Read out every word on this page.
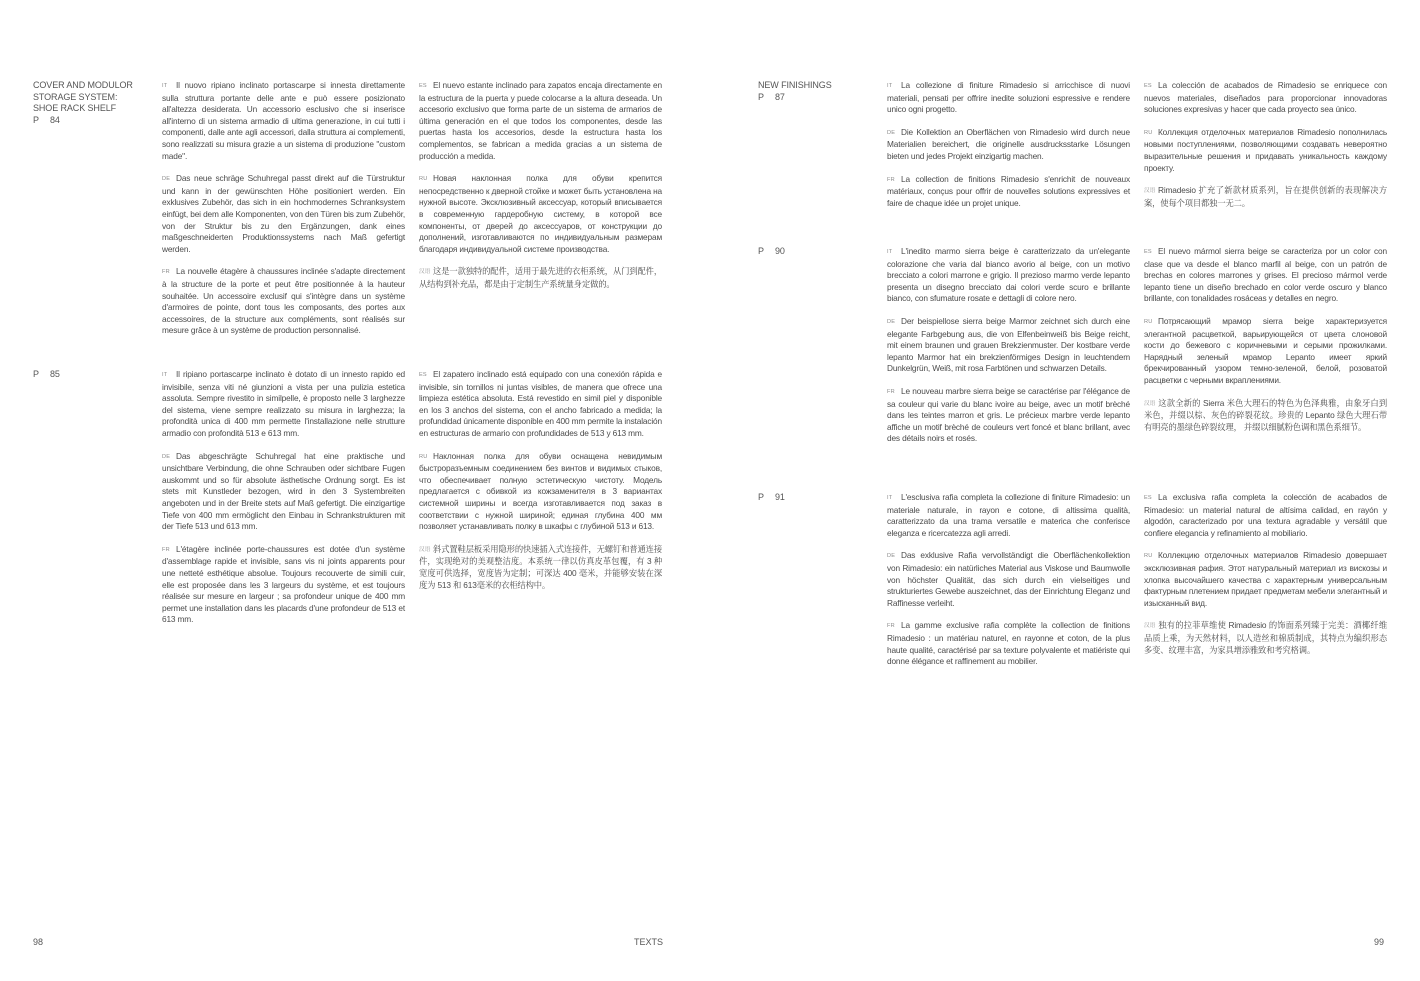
COVER AND MODULOR
STORAGE SYSTEM:
SHOE RACK SHELF
P 84

IT Il nuovo ripiano inclinato portascarpe si innesta direttamente sulla struttura portante delle ante e può essere posizionato all'altezza desiderata. Un accessorio esclusivo che si inserisce all'interno di un sistema armadio di ultima generazione, in cui tutti i componenti, dalle ante agli accessori, dalla struttura ai complementi, sono realizzati su misura grazie a un sistema di produzione "custom made".

DE Das neue schräge Schuhregal passt direkt auf die Türstruktur und kann in der gewünschten Höhe positioniert werden. Ein exklusives Zubehör, das sich in ein hochmodernes Schranksystem einfügt, bei dem alle Komponenten, von den Türen bis zum Zubehör, von der Struktur bis zu den Ergänzungen, dank eines maßgeschneiderten Produktionssystems nach Maß gefertigt werden.

FR La nouvelle étagère à chaussures inclinée s'adapte directement à la structure de la porte et peut être positionnée à la hauteur souhaitée. Un accessoire exclusif qui s'intègre dans un système d'armoires de pointe, dont tous les composants, des portes aux accessoires, de la structure aux compléments, sont réalisés sur mesure grâce à un système de production personnalisé.

ES El nuevo estante inclinado para zapatos encaja directamente en la estructura de la puerta y puede colocarse a la altura deseada. Un accesorio exclusivo que forma parte de un sistema de armarios de última generación en el que todos los componentes, desde las puertas hasta los accesorios, desde la estructura hasta los complementos, se fabrican a medida gracias a un sistema de producción a medida.

RU Новая наклонная полка для обуви крепится непосредственно к дверной стойке и может быть установлена на нужной высоте. Эксклюзивный аксессуар, который вписывается в современную гардеробную систему, в которой все компоненты, от дверей до аксессуаров, от конструкции до дополнений, изготавливаются по индивидуальным размерам благодаря индивидуальной системе производства.

汉语 这是一款独特的配件，适用于最先进的衣柜系统，从门到配件，从结构到补充品，都是由于定制生产系统量身定做的。

P 85	IT Il ripiano portascarpe inclinato è dotato di un innesto rapido ed invisibile, senza viti né giunzioni a vista per una pulizia estetica assoluta. Sempre rivestito in similpelle, è proposto nelle 3 larghezze del sistema, viene sempre realizzato su misura in larghezza; la profondità unica di 400 mm permette l'installazione nelle strutture armadio con profondità 513 e 613 mm.

DE Das abgeschrägte Schuhregal hat eine praktische und unsichtbare Verbindung, die ohne Schrauben oder sichtbare Fugen auskommt und so für absolute ästhetische Ordnung sorgt. Es ist stets mit Kunstleder bezogen, wird in den 3 Systembreiten angeboten und in der Breite stets auf Maß gefertigt. Die einzigartige Tiefe von 400 mm ermöglicht den Einbau in Schrankstrukturen mit der Tiefe 513 und 613 mm.

FR L'étagère inclinée porte-chaussures est dotée d'un système d'assemblage rapide et invisible, sans vis ni joints apparents pour une netteté esthétique absolue. Toujours recouverte de simili cuir, elle est proposée dans les 3 largeurs du système, et est toujours réalisée sur mesure en largeur ; sa profondeur unique de 400 mm permet une installation dans les placards d'une profondeur de 513 et 613 mm.

ES El zapatero inclinado está equipado con una conexión rápida e invisible, sin tornillos ni juntas visibles, de manera que ofrece una limpieza estética absoluta. Está revestido en simil piel y disponible en los 3 anchos del sistema, con el ancho fabricado a medida; la profundidad únicamente disponible en 400 mm permite la instalación en estructuras de armario con profundidades de 513 y 613 mm.

RU Наклонная полка для обуви оснащена невидимым быстроразъемным соединением без винтов и видимых стыков, что обеспечивает полную эстетическую чистоту. Модель предлагается с обивкой из кожзаменителя в 3 вариантах системной ширины и всегда изготавливается под заказ в соответствии с нужной шириной; единая глубина 400 мм позволяет устанавливать полку в шкафы с глубиной 513 и 613.

汉语 斜式置鞋层板采用隐形的快速插入式连接件，无螺钉和普通连接件，实现绝对的美观整洁度。本系统一律以仿真皮革包覆，有 3 种宽度可供选择，宽度皆为定制；可深达 400 毫米，并能够安装在深度为 513 和 613毫米的衣柜结构中。

NEW FINISHINGS
P 87

IT La collezione di finiture Rimadesio si arricchisce di nuovi materiali, pensati per offrire inedite soluzioni espressive e rendere unico ogni progetto.

DE Die Kollektion an Oberflächen von Rimadesio wird durch neue Materialien bereichert, die originelle ausdrucksstarke Lösungen bieten und jedes Projekt einzigartig machen.

FR La collection de finitions Rimadesio s'enrichit de nouveaux matériaux, conçus pour offrir de nouvelles solutions expressives et faire de chaque idée un projet unique.

ES La colección de acabados de Rimadesio se enriquece con nuevos materiales, diseñados para proporcionar innovadoras soluciones expresivas y hacer que cada proyecto sea único.

RU Коллекция отделочных материалов Rimadesio пополнилась новыми поступлениями, позволяющими создавать невероятно выразительные решения и придавать уникальность каждому проекту.

汉语 Rimadesio 扩充了新款材质系列，旨在提供创新的表现解决方案，使每个项目都独一无二。

P 90	IT L'inedito marmo sierra beige è caratterizzato da un'elegante colorazione che varia dal bianco avorio al beige, con un motivo brecciato a colori marrone e grigio. Il prezioso marmo verde lepanto presenta un disegno brecciato dai colori verde scuro e brillante bianco, con sfumature rosate e dettagli di colore nero.

DE Der beispiellose sierra beige Marmor zeichnet sich durch eine elegante Farbgebung aus, die von Elfenbeinweiß bis Beige reicht, mit einem braunen und grauen Brekzienmuster. Der kostbare verde lepanto Marmor hat ein brekzienförmiges Design in leuchtendem Dunkelgrün, Weiß, mit rosa Farbtönen und schwarzen Details.

FR Le nouveau marbre sierra beige se caractérise par l'élégance de sa couleur qui varie du blanc ivoire au beige, avec un motif brèché dans les teintes marron et gris. Le précieux marbre verde lepanto affiche un motif brèché de couleurs vert foncé et blanc brillant, avec des détails noirs et rosés.

ES El nuevo mármol sierra beige se caracteriza por un color con clase que va desde el blanco marfil al beige, con un patrón de brechas en colores marrones y grises. El precioso mármol verde lepanto tiene un diseño brechado en color verde oscuro y blanco brillante, con tonalidades rosáceas y detalles en negro.

RU Потрясающий мрамор sierra beige характеризуется элегантной расцветкой, варьирующейся от цвета слоновой кости до бежевого с коричневыми и серыми прожилками. Нарядный зеленый мрамор Lepanto имеет яркий брекчированный узором темно-зеленой, белой, розоватой расцветки с черными вкраплениями.

汉语 这款全新的 Sierra 米色大理石的特色为色泽典雅，由象牙白到米色，并缀以棕、灰色的碎裂花纹。珍贵的 Lepanto 绿色大理石带有明亮的墨绿色碎裂纹理， 并缀以细腻粉色调和黑色系细节。

P 91	IT L'esclusiva rafia completa la collezione di finiture Rimadesio: un materiale naturale, in rayon e cotone, di altissima qualità, caratterizzato da una trama versatile e materica che conferisce eleganza e ricercatezza agli arredi.

DE Das exklusive Rafia vervollständigt die Oberflächenkollektion von Rimadesio: ein natürliches Material aus Viskose und Baumwolle von höchster Qualität, das sich durch ein vielseitiges und strukturiertes Gewebe auszeichnet, das der Einrichtung Eleganz und Raffinesse verleiht.

FR La gamme exclusive rafia complète la collection de finitions Rimadesio : un matériau naturel, en rayonne et coton, de la plus haute qualité, caractérisé par sa texture polyvalente et matiériste qui donne élégance et raffinement au mobilier.

ES La exclusiva rafia completa la colección de acabados de Rimadesio: un material natural de altísima calidad, en rayón y algodón, caracterizado por una textura agradable y versátil que confiere elegancia y refinamiento al mobiliario.

RU Коллекцию отделочных материалов Rimadesio довершает эксклюзивная рафия. Этот натуральный материал из вискозы и хлопка высочайшего качества с характерным универсальным фактурным плетением придает предметам мебели элегантный и изысканный вид.

汉语 独有的拉菲草维使 Rimadesio 的饰面系列臻于完美：酒椰纤维品质上乘，为天然材料，以人造丝和棉质制成，其特点为编织形态多变、纹理丰富，为家具增添雅致和考究格调。

98	TEXTS	99
